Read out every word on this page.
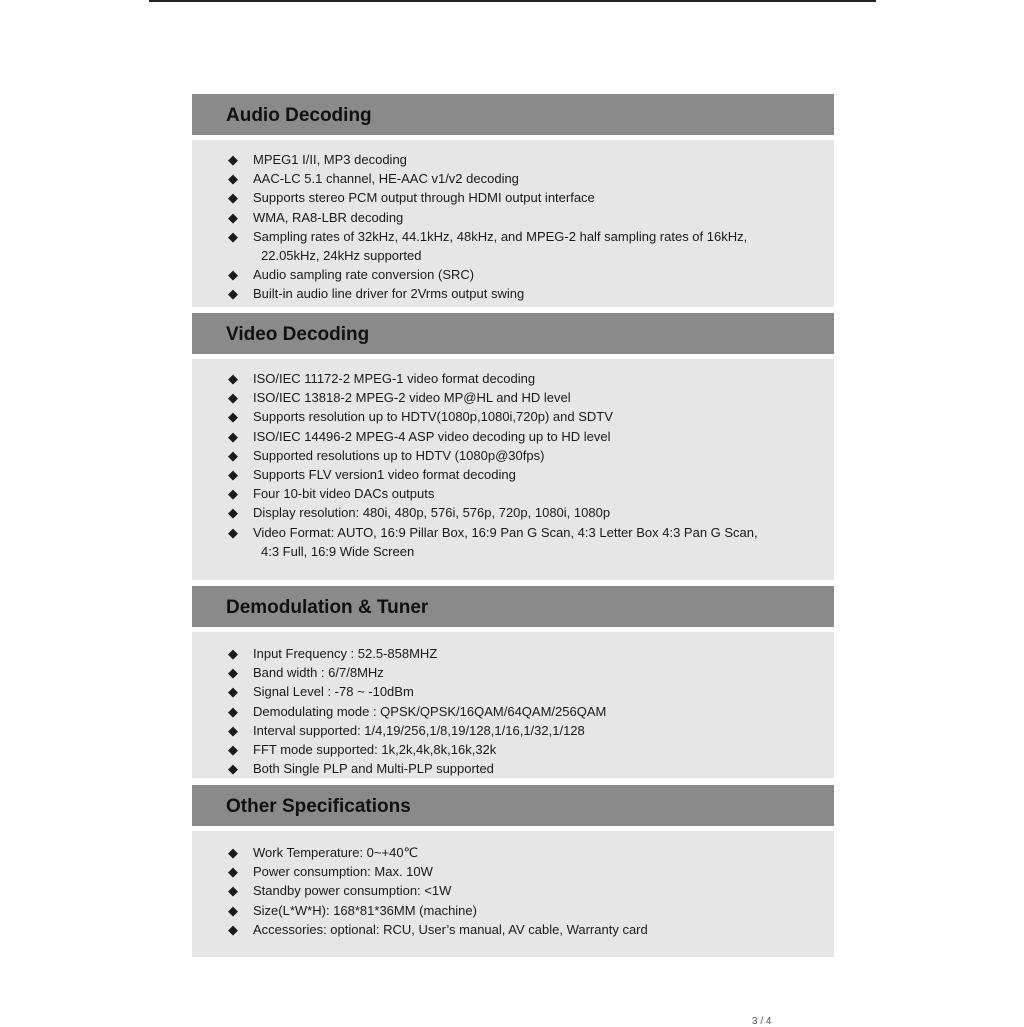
Audio Decoding
◆ MPEG1 I/II, MP3 decoding
◆ AAC-LC 5.1 channel, HE-AAC v1/v2 decoding
◆ Supports stereo PCM output through HDMI output interface
◆ WMA, RA8-LBR decoding
◆ Sampling rates of 32kHz, 44.1kHz, 48kHz, and MPEG-2 half sampling rates of 16kHz,
22.05kHz, 24kHz supported
◆ Audio sampling rate conversion (SRC)
◆ Built-in audio line driver for 2Vrms output swing
Video Decoding
◆ ISO/IEC 11172-2 MPEG-1 video format decoding
◆ ISO/IEC 13818-2 MPEG-2 video MP@HL and HD level
◆ Supports resolution up to HDTV(1080p,1080i,720p) and SDTV
◆ ISO/IEC 14496-2 MPEG-4 ASP video decoding up to HD level
◆ Supported resolutions up to HDTV (1080p@30fps)
◆ Supports FLV version1 video format decoding
◆ Four 10-bit video DACs outputs
◆ Display resolution: 480i, 480p, 576i, 576p, 720p, 1080i, 1080p
◆ Video Format: AUTO, 16:9 Pillar Box, 16:9 Pan G Scan, 4:3 Letter Box 4:3 Pan G Scan,
4:3 Full, 16:9 Wide Screen
Demodulation & Tuner
◆ Input Frequency : 52.5-858MHZ
◆ Band width : 6/7/8MHz
◆ Signal Level : -78 ~ -10dBm
◆ Demodulating mode : QPSK/QPSK/16QAM/64QAM/256QAM
◆ Interval supported: 1/4,19/256,1/8,19/128,1/16,1/32,1/128
◆ FFT mode supported: 1k,2k,4k,8k,16k,32k
◆ Both Single PLP and Multi-PLP supported
Other Specifications
◆ Work Temperature: 0~+40℃
◆ Power consumption: Max. 10W
◆ Standby power consumption: <1W
◆ Size(L*W*H): 168*81*36MM (machine)
◆ Accessories: optional: RCU, User’s manual, AV cable, Warranty card
3 / 4
